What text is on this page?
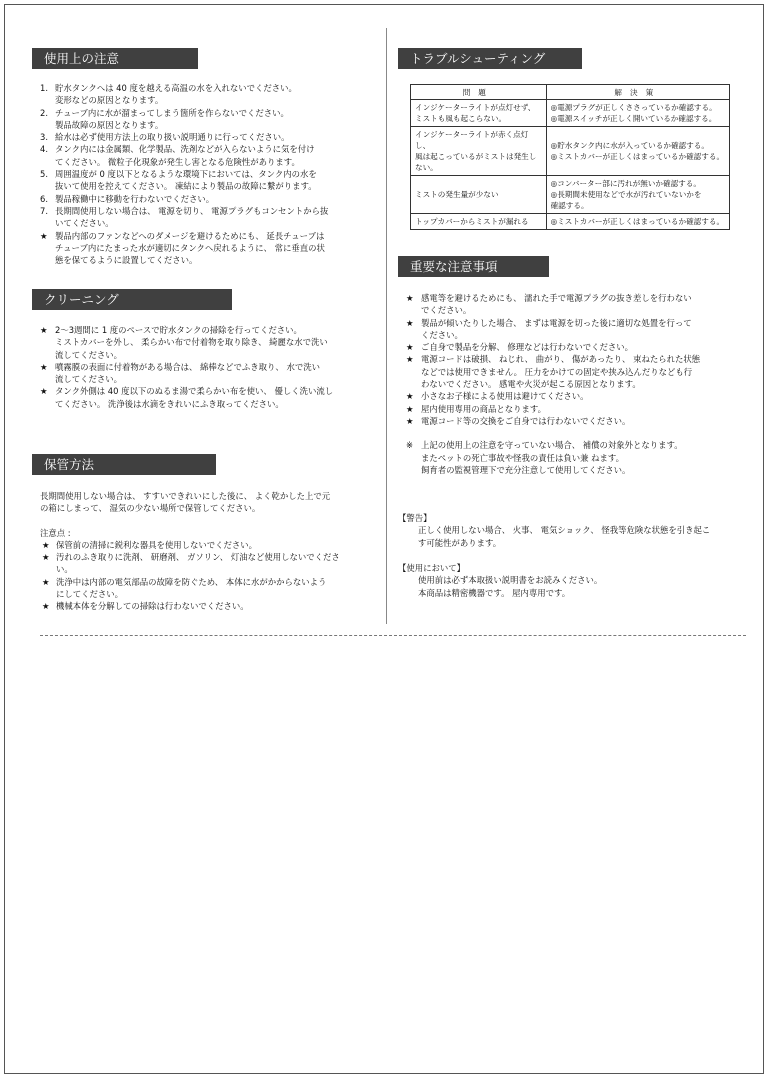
使用上の注意
1. 貯水タンクへは 40 度を越える高温の水を入れないでください。
変形などの原因となります。
2. チューブ内に水が溜まってしまう箇所を作らないでください。
製品故障の原因となります。
3. 給水は必ず使用方法上の取り扱い説明通りに行ってください。
4. タンク内には金属類、化学製品、洗剤などが入らないように気を付け
てください。 微粒子化現象が発生し害となる危険性があります。
5. 周囲温度が 0 度以下となるような環境下においては、タンク内の水を
抜いて使用を控えてください。 凍結により製品の故障に繋がります。
6. 製品稼働中に移動を行わないでください。
7. 長期間使用しない場合は、 電源を切り、 電源プラグもコンセントから抜
いてください。
★ 製品内部のファンなどへのダメージを避けるためにも、 延長チューブは
チューブ内にたまった水が適切にタンクへ戻れるように、 常に垂直の状
態を保てるように設置してください。
クリーニング
★ 2～3週間に 1 度のペースで貯水タンクの掃除を行ってください。
ミストカバーを外し、 柔らかい布で付着物を取り除き、 綺麗な水で洗い
流してください。
★ 噴霧膜の表面に付着物がある場合は、 綿棒などでふき取り、 水で洗い
流してください。
★ タンク外側は 40 度以下のぬるま湯で柔らかい布を使い、 優しく洗い流し
てください。 洗浄後は水滴をきれいにふき取ってください。
保管方法
長期間使用しない場合は、 すすいできれいにした後に、 よく乾かした上で元
の箱にしまって、 湿気の少ない場所で保管してください。
注意点 :
★ 保管前の清掃に鋭利な器具を使用しないでください。
★ 汚れのふき取りに洗剤、 研磨剤、 ガソリン、 灯油など使用しないでくださ
い。
★ 洗浄中は内部の電気部品の故障を防ぐため、 本体に水がかからないよう
にしてください。
★ 機械本体を分解しての掃除は行わないでください。
トラブルシューティング
問題	解決策
インジケーターライトが点灯せず、
ミストも風も起こらない。	◎電源プラグが正しくささっているか確認する。
◎電源スイッチが正しく開いているか確認する。
インジケーターライトが赤く点灯し、
風は起こっているがミストは発生し
ない。	◎貯水タンク内に水が入っているか確認する。
◎ミストカバーが正しくはまっているか確認する。
ミストの発生量が少ない	◎コンバーター部に汚れが無いか確認する。
◎長期間未使用などで水が汚れていないかを
確認する。
トップカバーからミストが漏れる	◎ミストカバーが正しくはまっているか確認する。
重要な注意事項
★ 感電等を避けるためにも、 濡れた手で電源プラグの抜き差しを行わない
でください。
★ 製品が傾いたりした場合、 まずは電源を切った後に適切な処置を行って
ください。
★ ご自身で製品を分解、 修理などは行わないでください。
★ 電源コードは破損、 ねじれ、 曲がり、 傷があったり、 束ねたられた状態
などでは使用できません。 圧力をかけての固定や挟み込んだりなども行
わないでください。 感電や火災が起こる原因となります。
★ 小さなお子様による使用は避けてください。
★ 屋内使用専用の商品となります。
★ 電源コード等の交換をご自身では行わないでください。
※ 上記の使用上の注意を守っていない場合、 補償の対象外となります。
またペットの死亡事故や怪我の責任は負い兼 ねます。
飼育者の監視管理下で充分注意して使用してください。
【警告】
正しく使用しない場合、 火事、 電気ショック、 怪我等危険な状態を引き起こ
す可能性があります。
【使用において】
使用前は必ず本取扱い説明書をお読みください。
本商品は精密機器です。 屋内専用です。
